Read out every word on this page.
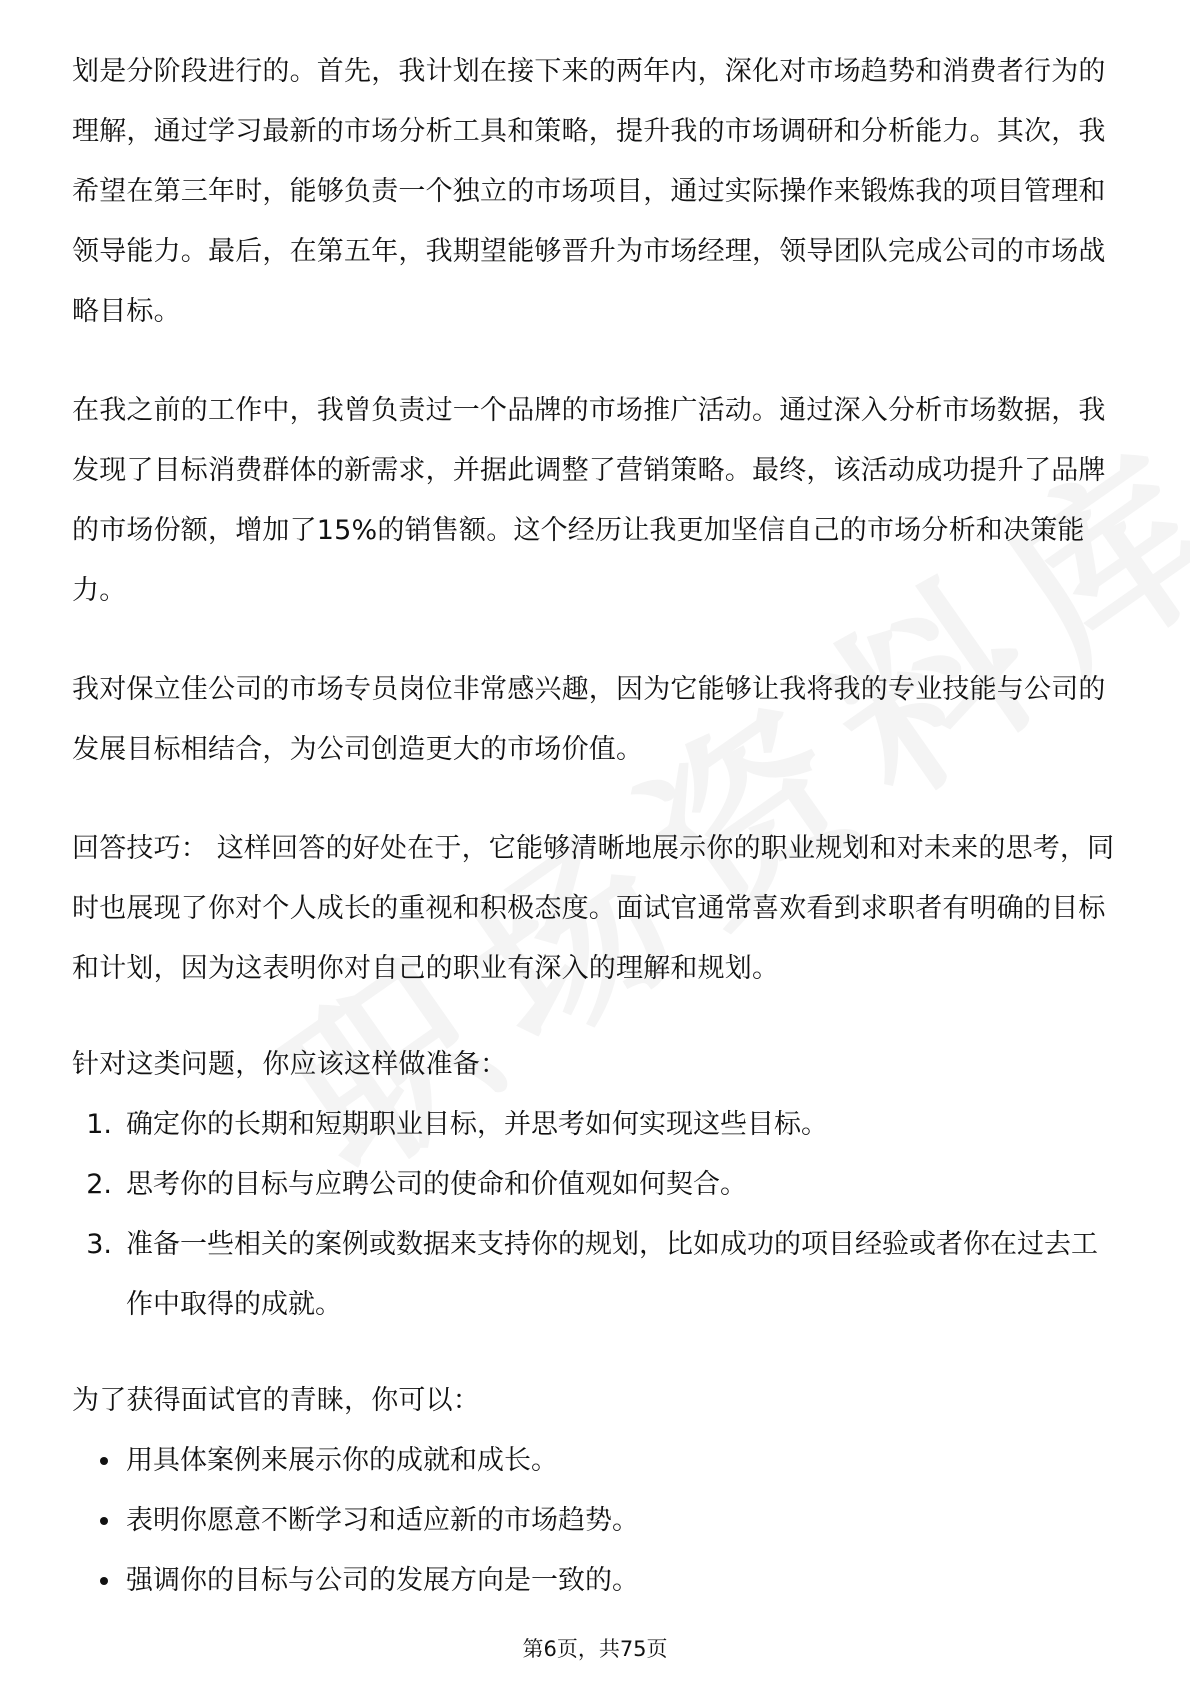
划是分阶段进行的。首先，我计划在接下来的两年内，深化对市场趋势和消费者行为的理解，通过学习最新的市场分析工具和策略，提升我的市场调研和分析能力。其次，我希望在第三年时，能够负责一个独立的市场项目，通过实际操作来锻炼我的项目管理和领导能力。最后，在第五年，我期望能够晋升为市场经理，领导团队完成公司的市场战略目标。

在我之前的工作中，我曾负责过一个品牌的市场推广活动。通过深入分析市场数据，我发现了目标消费群体的新需求，并据此调整了营销策略。最终，该活动成功提升了品牌的市场份额，增加了15%的销售额。这个经历让我更加坚信自己的市场分析和决策能力。

我对保立佳公司的市场专员岗位非常感兴趣，因为它能够让我将我的专业技能与公司的发展目标相结合，为公司创造更大的市场价值。

回答技巧： 这样回答的好处在于，它能够清晰地展示你的职业规划和对未来的思考，同时也展现了你对个人成长的重视和积极态度。面试官通常喜欢看到求职者有明确的目标和计划，因为这表明你对自己的职业有深入的理解和规划。

针对这类问题，你应该这样做准备：

1. 确定你的长期和短期职业目标，并思考如何实现这些目标。
2. 思考你的目标与应聘公司的使命和价值观如何契合。
3. 准备一些相关的案例或数据来支持你的规划，比如成功的项目经验或者你在过去工作中取得的成就。

为了获得面试官的青睐，你可以：

用具体案例来展示你的成就和成长。
表明你愿意不断学习和适应新的市场趋势。
强调你的目标与公司的发展方向是一致的。
第6页，共75页
